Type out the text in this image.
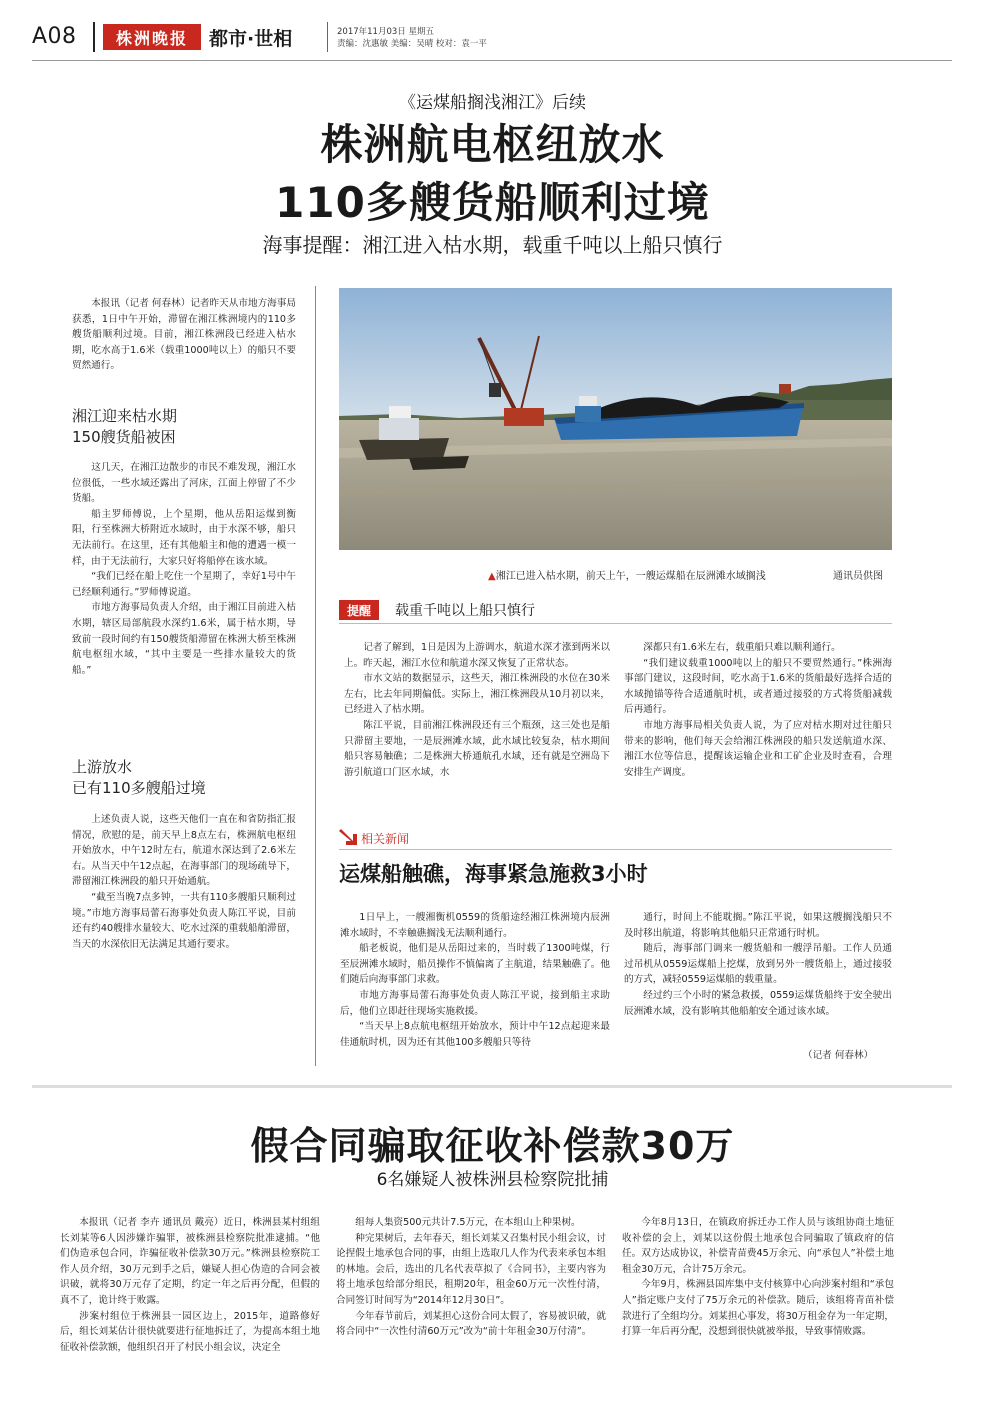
A08	株洲晚报	都市·世相	2017年11月03日 星期五
责编：沈惠敏 美编：吴晴 校对：袁一平
《运煤船搁浅湘江》后续
株洲航电枢纽放水
110多艘货船顺利过境
海事提醒：湘江进入枯水期，载重千吨以上船只慎行
本报讯（记者 何春林）记者昨天从市地方海事局获悉，1日中午开始，滞留在湘江株洲境内的110多艘货船顺利过境。目前，湘江株洲段已经进入枯水期，吃水高于1.6米（载重1000吨以上）的船只不要贸然通行。
湘江迎来枯水期
150艘货船被困
这几天，在湘江边散步的市民不难发现，湘江水位很低，一些水域还露出了河床，江面上停留了不少货船。
船主罗师傅说，上个星期，他从岳阳运煤到衡阳，行至株洲大桥附近水域时，由于水深不够，船只无法前行。在这里，还有其他船主和他的遭遇一模一样，由于无法前行，大家只好将船停在该水域。
“我们已经在船上吃住一个星期了，幸好1号中午已经顺利通行。”罗师傅说道。
市地方海事局负责人介绍，由于湘江目前进入枯水期，辖区局部航段水深约1.6米，属于枯水期，导致前一段时间约有150艘货船滞留在株洲大桥至株洲航电枢纽水域，“其中主要是一些排水量较大的货船。”
上游放水
已有110多艘船过境
上述负责人说，这些天他们一直在和省防指汇报情况，欣慰的是，前天早上8点左右，株洲航电枢纽开始放水，中午12时左右，航道水深达到了2.6米左右。从当天中午12点起，在海事部门的现场疏导下，滞留湘江株洲段的船只开始通航。
“截至当晚7点多钟，一共有110多艘船只顺利过境。”市地方海事局蕾石海事处负责人陈江平说，目前还有约40艘排水量较大、吃水过深的重载船舶滞留，当天的水深依旧无法满足其通行要求。
▲湘江已进入枯水期，前天上午，一艘运煤船在辰洲滩水域搁浅	通讯员供图
提醒	载重千吨以上船只慎行
记者了解到，1日是因为上游调水，航道水深才涨到两米以上。昨天起，湘江水位和航道水深又恢复了正常状态。
市水文站的数据显示，这些天，湘江株洲段的水位在30米左右，比去年同期偏低。实际上，湘江株洲段从10月初以来，已经进入了枯水期。
陈江平说，目前湘江株洲段还有三个瓶颈，这三处也是船只滞留主要地，一是辰洲滩水域，此水域比较复杂，枯水期间船只容易触礁；二是株洲大桥通航孔水域，还有就是空洲岛下游引航道口门区水域，水
深都只有1.6米左右，载重船只难以顺利通行。
“我们建议载重1000吨以上的船只不要贸然通行。”株洲海事部门建议，这段时间，吃水高于1.6米的货船最好选择合适的水域抛锚等待合适通航时机，或者通过接驳的方式将货船减载后再通行。
市地方海事局相关负责人说，为了应对枯水期对过往船只带来的影响，他们每天会给湘江株洲段的船只发送航道水深、湘江水位等信息，提醒该运输企业和工矿企业及时查看，合理安排生产调度。
相关新闻
运煤船触礁，海事紧急施救3小时
1日早上，一艘湘衡机0559的货船途经湘江株洲境内辰洲滩水域时，不幸触礁搁浅无法顺利通行。
船老板说，他们是从岳阳过来的，当时载了1300吨煤，行至辰洲滩水域时，船员操作不慎偏离了主航道，结果触礁了。他们随后向海事部门求救。
市地方海事局蕾石海事处负责人陈江平说，接到船主求助后，他们立即赶往现场实施救援。
“当天早上8点航电枢纽开始放水，预计中午12点起迎来最佳通航时机，因为还有其他100多艘船只等待
通行，时间上不能耽搁。”陈江平说，如果这艘搁浅船只不及时移出航道，将影响其他船只正常通行时机。
随后，海事部门调来一艘货船和一艘浮吊船。工作人员通过吊机从0559运煤船上挖煤，放到另外一艘货船上，通过接驳的方式，减轻0559运煤船的载重量。
经过约三个小时的紧急救援，0559运煤货船终于安全驶出辰洲滩水域，没有影响其他船舶安全通过该水域。
（记者 何春林）
假合同骗取征收补偿款30万
6名嫌疑人被株洲县检察院批捕
本报讯（记者 李卉 通讯员 戴亮）近日，株洲县某村组组长刘某等6人因涉嫌诈骗罪，被株洲县检察院批准逮捕。“他们伪造承包合同，诈骗征收补偿款30万元。”株洲县检察院工作人员介绍，30万元到手之后，嫌疑人担心伪造的合同会被识破，就将30万元存了定期，约定一年之后再分配，但假的真不了，诡计终于败露。
涉案村组位于株洲县一园区边上，2015年，道路修好后，组长刘某估计很快就要进行征地拆迁了，为提高本组土地征收补偿款额，他组织召开了村民小组会议，决定全
组每人集资500元共计7.5万元，在本组山上种果树。
种完果树后，去年春天，组长刘某又召集村民小组会议，讨论捏假土地承包合同的事，由组上选取几人作为代表来承包本组的林地。会后，选出的几名代表草拟了《合同书》，主要内容为将土地承包给部分组民，租期20年，租金60万元一次性付清，合同签订时间写为“2014年12月30日”。
今年春节前后，刘某担心这份合同太假了，容易被识破，就将合同中“一次性付清60万元”改为“前十年租金30万付清”。
今年8月13日，在镇政府拆迁办工作人员与该组协商土地征收补偿的会上，刘某以这份假土地承包合同骗取了镇政府的信任。双方达成协议，补偿青苗费45万余元、向“承包人”补偿土地租金30万元，合计75万余元。
今年9月，株洲县国库集中支付核算中心向涉案村组和“承包人”指定账户支付了75万余元的补偿款。随后，该组将青苗补偿款进行了全组均分。刘某担心事发，将30万租金存为一年定期，打算一年后再分配，没想到很快就被举报，导致事情败露。
